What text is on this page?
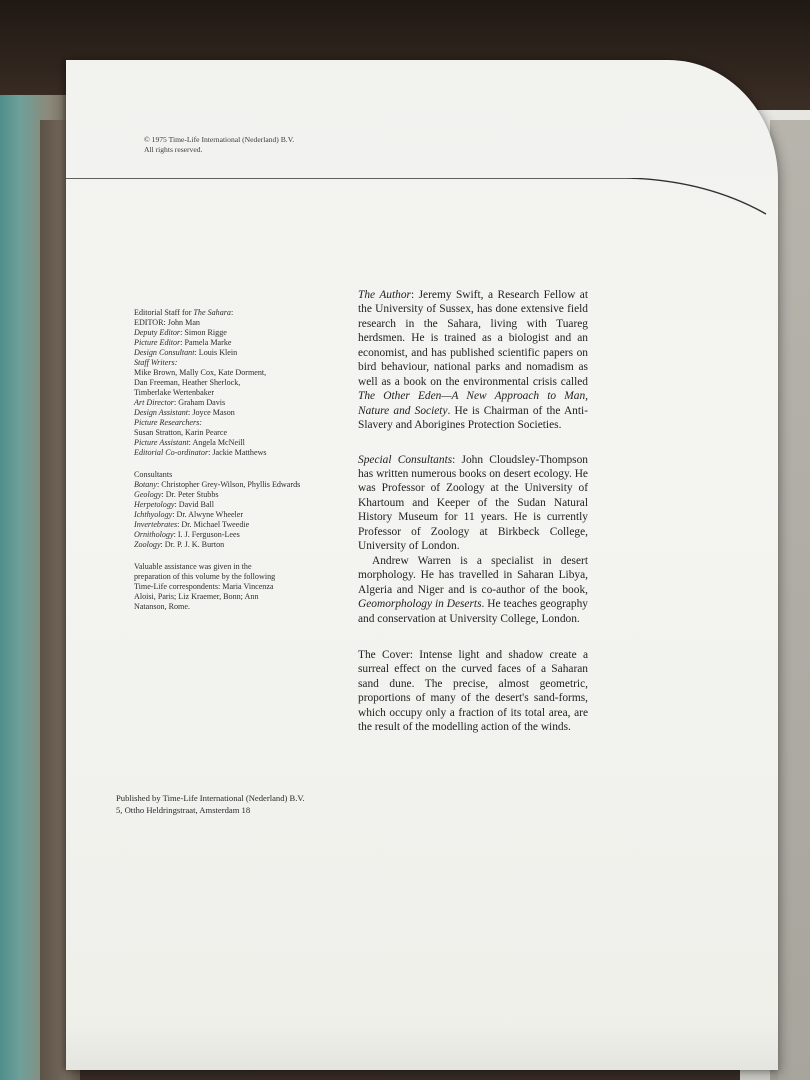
© 1975 Time-Life International (Nederland) B.V.
All rights reserved.
Editorial Staff for The Sahara:
EDITOR: John Man
Deputy Editor: Simon Rigge
Picture Editor: Pamela Marke
Design Consultant: Louis Klein
Staff Writers:
Mike Brown, Mally Cox, Kate Dorment,
Dan Freeman, Heather Sherlock,
Timberlake Wertenbaker
Art Director: Graham Davis
Design Assistant: Joyce Mason
Picture Researchers:
Susan Stratton, Karin Pearce
Picture Assistant: Angela McNeill
Editorial Co-ordinator: Jackie Matthews
Consultants
Botany: Christopher Grey-Wilson, Phyllis Edwards
Geology: Dr. Peter Stubbs
Herpetology: David Ball
Ichthyology: Dr. Alwyne Wheeler
Invertebrates: Dr. Michael Tweedie
Ornithology: I. J. Ferguson-Lees
Zoology: Dr. P. J. K. Burton
Valuable assistance was given in the
preparation of this volume by the following
Time-Life correspondents: Maria Vincenza
Aloisi, Paris; Liz Kraemer, Bonn; Ann
Natanson, Rome.

The Author: Jeremy Swift, a Research Fellow at the University of Sussex, has done extensive field research in the Sahara, living with Tuareg herdsmen. He is trained as a biologist and an economist, and has published scientific papers on bird behaviour, national parks and nomadism as well as a book on the environmental crisis called The Other Eden—A New Approach to Man, Nature and Society. He is Chairman of the Anti-Slavery and Aborigines Protection Societies.

Special Consultants: John Cloudsley-Thompson has written numerous books on desert ecology. He was Professor of Zoology at the University of Khartoum and Keeper of the Sudan Natural History Museum for 11 years. He is currently Professor of Zoology at Birkbeck College, University of London.

Andrew Warren is a specialist in desert morphology. He has travelled in Saharan Libya, Algeria and Niger and is co-author of the book, Geomorphology in Deserts. He teaches geography and conservation at University College, London.

The Cover: Intense light and shadow create a surreal effect on the curved faces of a Saharan sand dune. The precise, almost geometric, proportions of many of the desert's sand-forms, which occupy only a fraction of its total area, are the result of the modelling action of the winds.

Published by Time-Life International (Nederland) B.V.
5, Ottho Heldringstraat, Amsterdam 18
